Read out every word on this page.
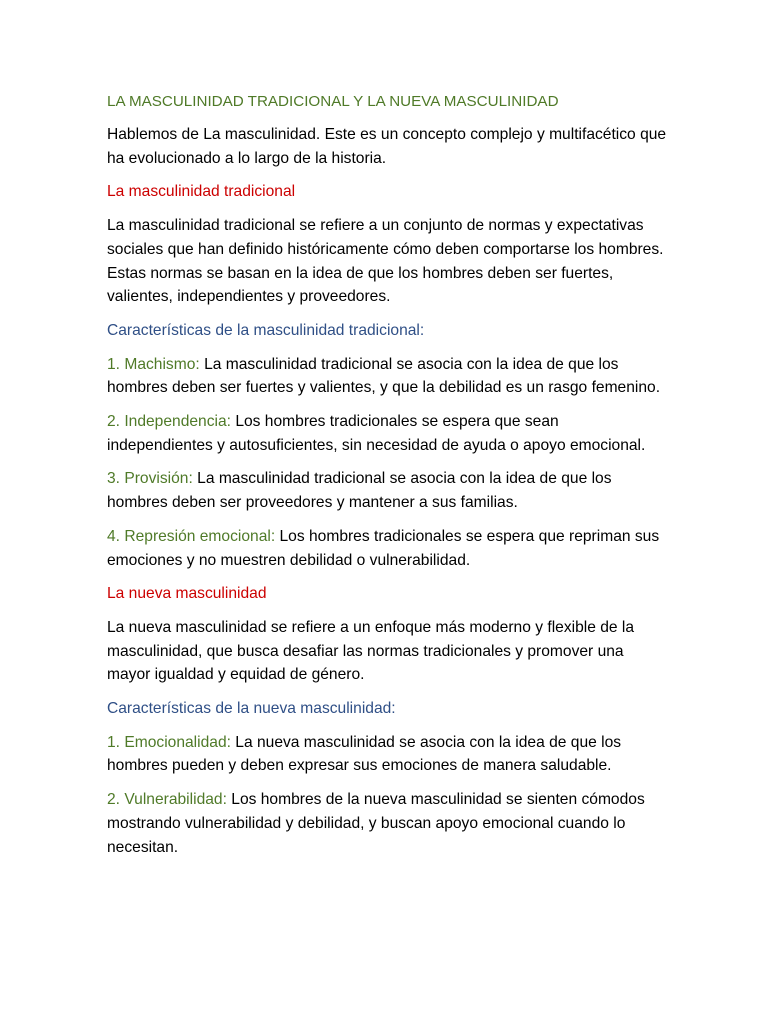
LA MASCULINIDAD TRADICIONAL Y LA NUEVA MASCULINIDAD

Hablemos de La masculinidad. Este es un concepto complejo y multifacético que ha evolucionado a lo largo de la historia.

La masculinidad tradicional

La masculinidad tradicional se refiere a un conjunto de normas y expectativas sociales que han definido históricamente cómo deben comportarse los hombres. Estas normas se basan en la idea de que los hombres deben ser fuertes, valientes, independientes y proveedores.

Características de la masculinidad tradicional:

1. Machismo: La masculinidad tradicional se asocia con la idea de que los hombres deben ser fuertes y valientes, y que la debilidad es un rasgo femenino.

2. Independencia: Los hombres tradicionales se espera que sean independientes y autosuficientes, sin necesidad de ayuda o apoyo emocional.

3. Provisión: La masculinidad tradicional se asocia con la idea de que los hombres deben ser proveedores y mantener a sus familias.

4. Represión emocional: Los hombres tradicionales se espera que repriman sus emociones y no muestren debilidad o vulnerabilidad.

La nueva masculinidad

La nueva masculinidad se refiere a un enfoque más moderno y flexible de la masculinidad, que busca desafiar las normas tradicionales y promover una mayor igualdad y equidad de género.

Características de la nueva masculinidad:

1. Emocionalidad: La nueva masculinidad se asocia con la idea de que los hombres pueden y deben expresar sus emociones de manera saludable.

2. Vulnerabilidad: Los hombres de la nueva masculinidad se sienten cómodos mostrando vulnerabilidad y debilidad, y buscan apoyo emocional cuando lo necesitan.
